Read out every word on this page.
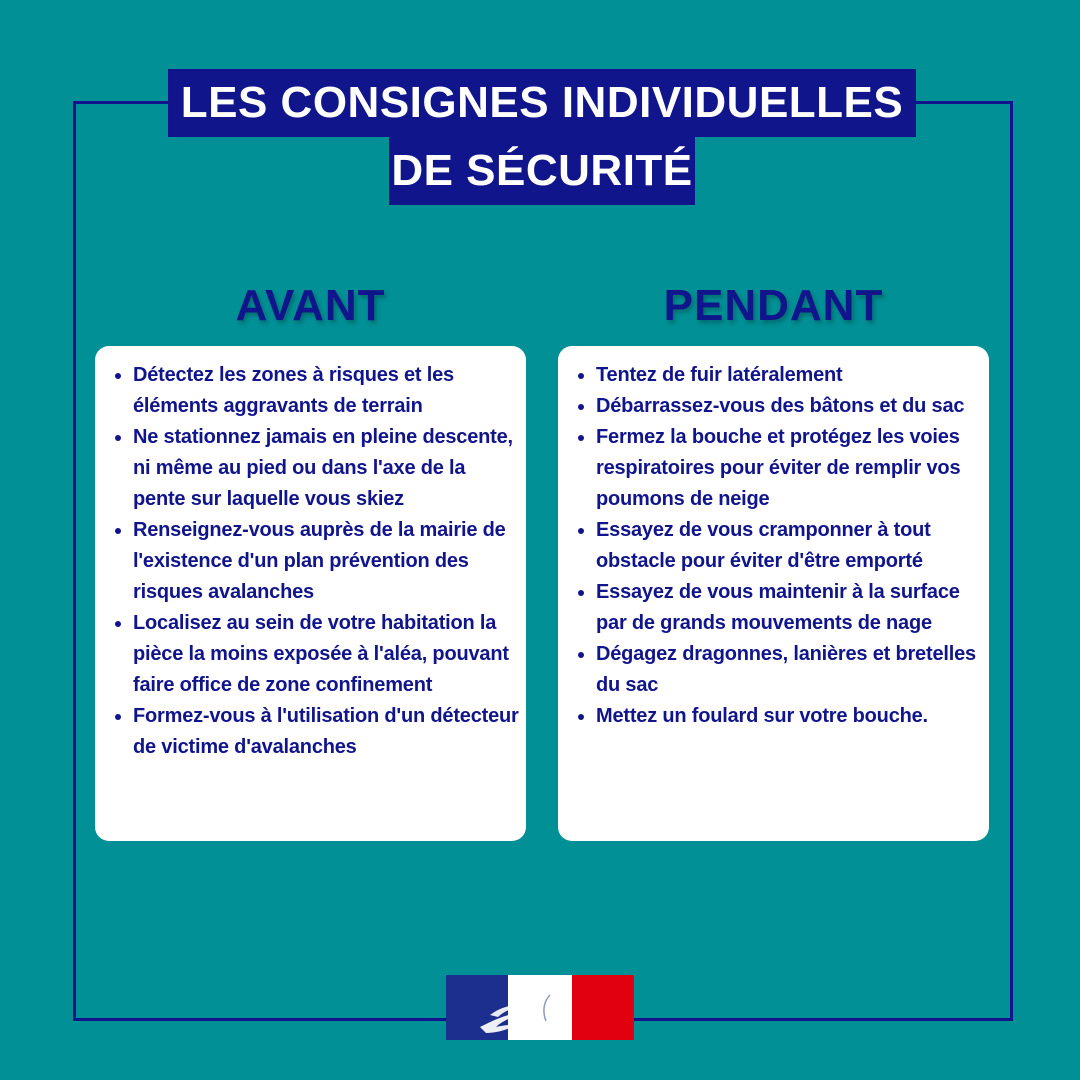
LES CONSIGNES INDIVIDUELLES
DE SÉCURITÉ
AVANT	PENDANT
Détectez les zones à risques et les éléments aggravants de terrain
Ne stationnez jamais en pleine descente, ni même au pied ou dans l'axe de la pente sur laquelle vous skiez
Renseignez-vous auprès de la mairie de l'existence d'un plan prévention des risques avalanches
Localisez au sein de votre habitation la pièce la moins exposée à l'aléa, pouvant faire office de zone confinement
Formez-vous à l'utilisation d'un détecteur de victime d'avalanches
Tentez de fuir latéralement
Débarrassez-vous des bâtons et du sac
Fermez la bouche et protégez les voies respiratoires pour éviter de remplir vos poumons de neige
Essayez de vous cramponner à tout obstacle pour éviter d'être emporté
Essayez de vous maintenir à la surface par de grands mouvements de nage
Dégagez dragonnes, lanières et bretelles du sac
Mettez un foulard sur votre bouche.
